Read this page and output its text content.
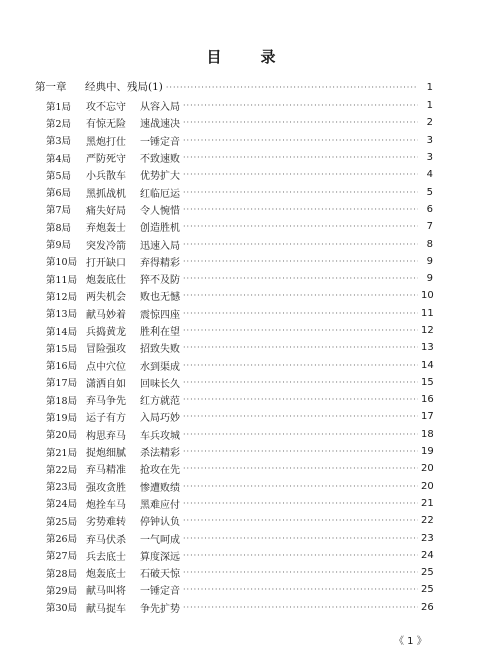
目	录
第一章	经典中、残局(1) ·····	1
第1局	攻不忘守	从容入局 ·····	1
第2局	有惊无险	速战速决 ·····	2
第3局	黑炮打仕	一锤定音 ·····	3
第4局	严防死守	不致速败 ·····	3
第5局	小兵散车	优势扩大 ·····	4
第6局	黑抓战机	红临厄运 ·····	5
第7局	痛失好局	令人惋惜 ·····	6
第8局	弃炮轰士	创造胜机 ·····	7
第9局	突发冷箭	迅速入局 ·····	8
第10局 打开缺口	弃得精彩 ·····	9
第11局 炮轰底仕	猝不及防 ·····	9
第12局 两失机会	败也无憾 ·····	10
第13局 献马妙着	震惊四座 ·····	11
第14局 兵捣黄龙	胜利在望 ·····	12
第15局 冒险强攻	招致失败 ·····	13
第16局 点中穴位	水到渠成 ·····	14
第17局 潇洒自如	回味长久 ·····	15
第18局 弃马争先	红方就范 ·····	16
第19局 运子有方	入局巧妙 ·····	17
第20局 构思弃马	车兵攻城 ·····	18
第21局 捉炮细腻	杀法精彩 ·····	19
第22局 弃马精准	抢攻在先 ·····	20
第23局 强攻贪胜	惨遭败绩 ·····	20
第24局 炮拴车马	黑难应付 ·····	21
第25局 劣势难转	停钟认负 ·····	22
第26局 弃马伏杀	一气呵成 ·····	23
第27局 兵去底士	算度深远 ·····	24
第28局 炮轰底士	石破天惊 ·····	25
第29局 献马叫将	一锤定音 ·····	25
第30局 献马捉车	争先扩势 ·····	26
《 1 》
